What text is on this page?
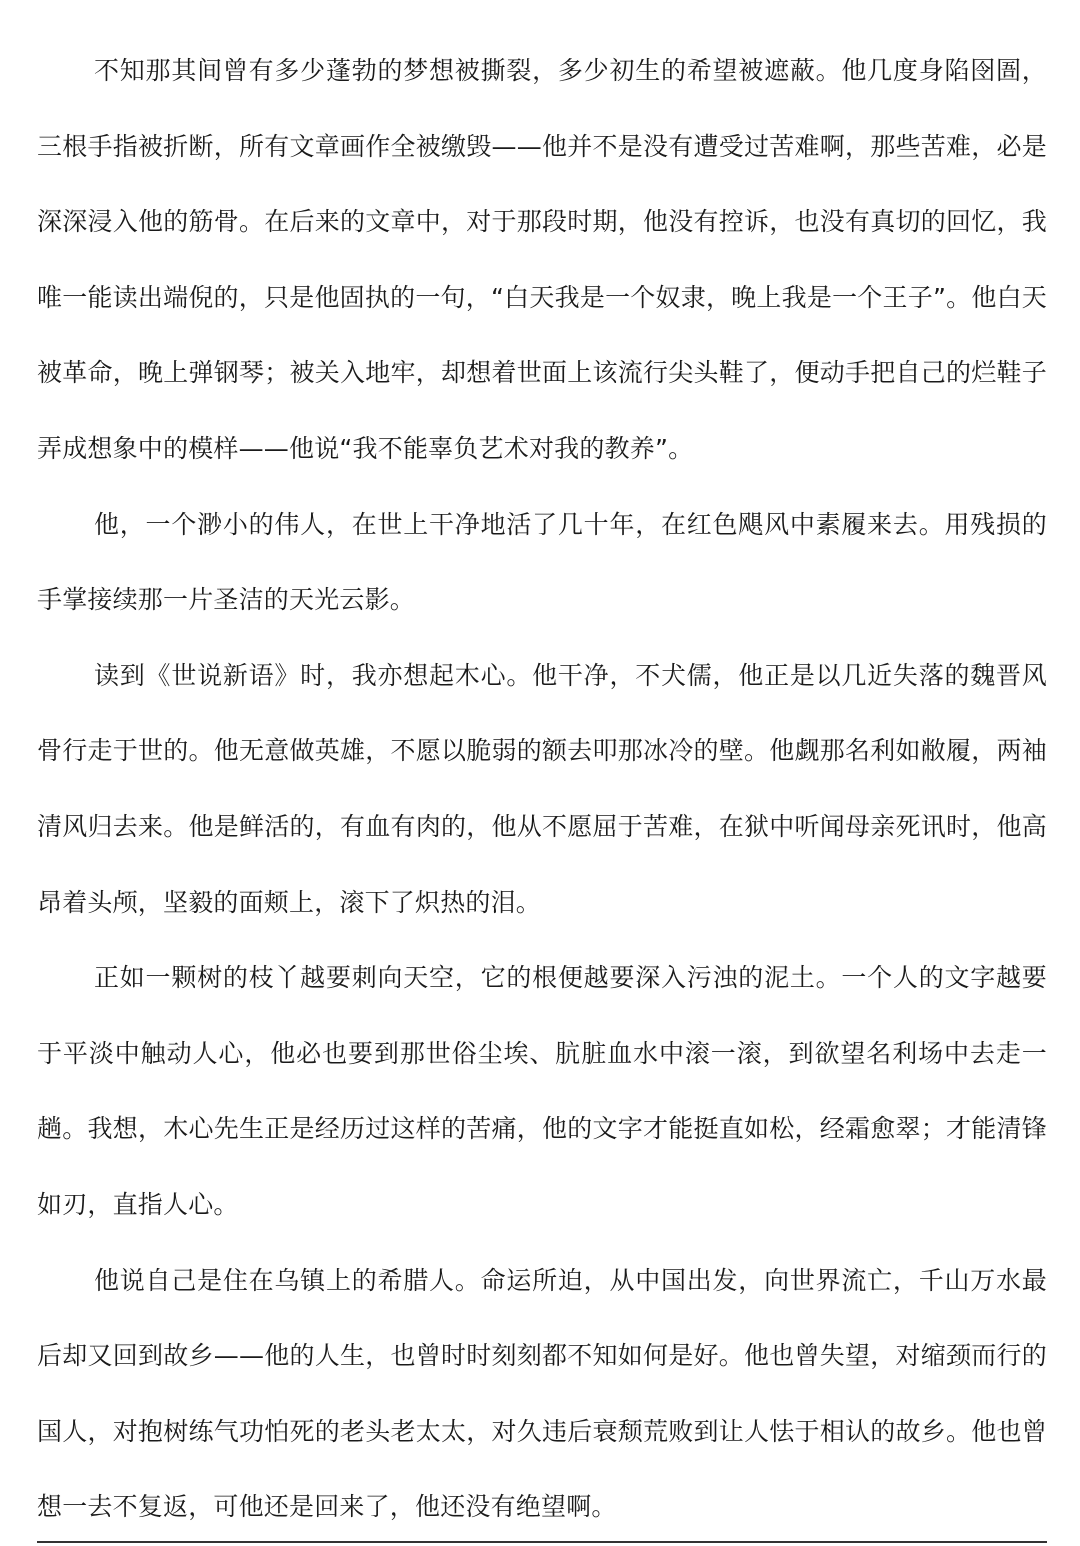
不知那其间曾有多少蓬勃的梦想被撕裂，多少初生的希望被遮蔽。他几度身陷囹圄，三根手指被折断，所有文章画作全被缴毁——他并不是没有遭受过苦难啊，那些苦难，必是深深浸入他的筋骨。在后来的文章中，对于那段时期，他没有控诉，也没有真切的回忆，我唯一能读出端倪的，只是他固执的一句，“白天我是一个奴隶，晚上我是一个王子”。他白天被革命，晚上弹钢琴；被关入地牢，却想着世面上该流行尖头鞋了，便动手把自己的烂鞋子弄成想象中的模样——他说“我不能辜负艺术对我的教养”。

他，一个渺小的伟人，在世上干净地活了几十年，在红色飓风中素履来去。用残损的手掌接续那一片圣洁的天光云影。

读到《世说新语》时，我亦想起木心。他干净，不犬儒，他正是以几近失落的魏晋风骨行走于世的。他无意做英雄，不愿以脆弱的额去叩那冰冷的壁。他觑那名利如敝履，两袖清风归去来。他是鲜活的，有血有肉的，他从不愿屈于苦难，在狱中听闻母亲死讯时，他高昂着头颅，坚毅的面颊上，滚下了炽热的泪。

正如一颗树的枝丫越要刺向天空，它的根便越要深入污浊的泥土。一个人的文字越要于平淡中触动人心，他必也要到那世俗尘埃、肮脏血水中滚一滚，到欲望名利场中去走一趟。我想，木心先生正是经历过这样的苦痛，他的文字才能挺直如松，经霜愈翠；才能清锋如刃，直指人心。

他说自己是住在乌镇上的希腊人。命运所迫，从中国出发，向世界流亡，千山万水最后却又回到故乡——他的人生，也曾时时刻刻都不知如何是好。他也曾失望，对缩颈而行的国人，对抱树练气功怕死的老头老太太，对久违后衰颓荒败到让人怯于相认的故乡。他也曾想一去不复返，可他还是回来了，他还没有绝望啊。
